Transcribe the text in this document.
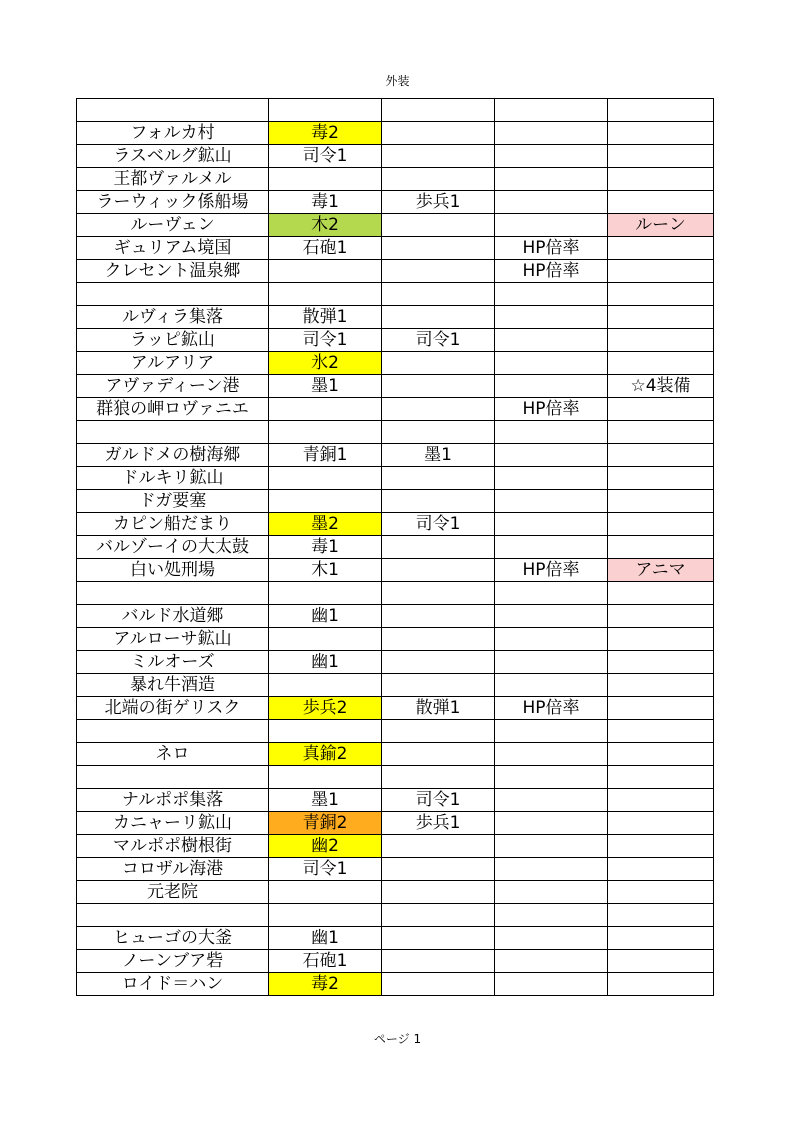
外装

フォルカ村	毒2			
ラスベルグ鉱山	司令1			
王都ヴァルメル				
ラーウィック係船場	毒1	歩兵1		
ルーヴェン	木2			ルーン
ギュリアム境国	石砲1		HP倍率	
クレセント温泉郷			HP倍率	

ルヴィラ集落	散弾1			
ラッピ鉱山	司令1	司令1		
アルアリア	氷2			
アヴァディーン港	墨1			☆4装備
群狼の岬ロヴァニエ			HP倍率	

ガルドメの樹海郷	青銅1	墨1		
ドルキリ鉱山				
ドガ要塞				
カピン船だまり	墨2	司令1		
バルゾーイの大太鼓	毒1			
白い処刑場	木1		HP倍率	アニマ

バルド水道郷	幽1			
アルローサ鉱山				
ミルオーズ	幽1			
暴れ牛酒造				
北端の街ゲリスク	歩兵2	散弾1	HP倍率	

ネロ	真鍮2			

ナルポポ集落	墨1	司令1		
カニャーリ鉱山	青銅2	歩兵1		
マルポポ樹根街	幽2			
コロザル海港	司令1			
元老院				

ヒューゴの大釜	幽1			
ノーンブア砦	石砲1			
ロイド＝ハン	毒2			
ページ 1
